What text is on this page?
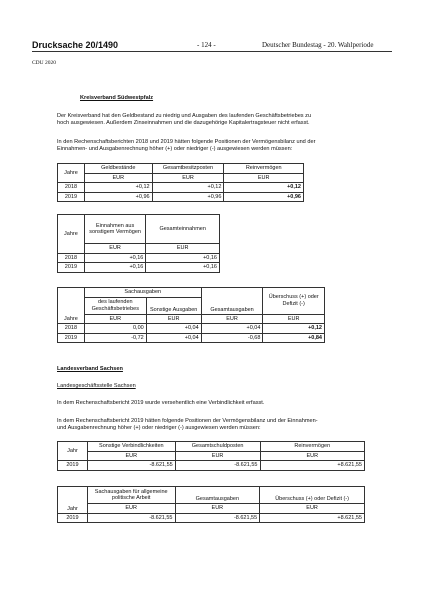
Drucksache 20/1490	- 124 -	Deutscher Bundestag - 20. Wahlperiode
CDU 2020
Kreisverband Südwestpfalz
Der Kreisverband hat den Geldbestand zu niedrig und Ausgaben des laufenden Geschäftsbetriebes zu
hoch ausgewiesen. Außerdem Zinseinnahmen und die dazugehörige Kapitalertragsteuer nicht erfasst.
In den Rechenschaftsberichten 2018 und 2019 hätten folgende Positionen der Vermögensbilanz und der
Einnahmen- und Ausgabenrechnung höher (+) oder niedriger (-) ausgewiesen werden müssen:
Jahre	Geldbestände	Gesamtbesitzposten	Reinvermögen
	EUR	EUR	EUR
2018	+0,12	+0,12	+0,12
2019	+0,96	+0,96	+0,96
Jahre	Einnahmen aus sonstigem Vermögen	Gesamteinnahmen
	EUR	EUR
2018	+0,16	+0,16
2019	+0,16	+0,16
Jahre	Sachausgaben		Gesamtausgaben	Überschuss (+) oder Defizit (-)
	des laufenden Geschäftsbetriebes	Sonstige Ausgaben		
	EUR	EUR	EUR	EUR
2018	0,00	+0,04	+0,04	+0,12
2019	-0,72	+0,04	-0,68	+0,84
Landesverband Sachsen
Landesgeschäftsstelle Sachsen
In dem Rechenschaftsbericht 2019 wurde versehentlich eine Verbindlichkeit erfasst.
In dem Rechenschaftsbericht 2019 hätten folgende Positionen der Vermögensbilanz und der Einnahmen-
und Ausgabenrechnung höher (+) oder niedriger (-) ausgewiesen werden müssen:
Jahr	Sonstige Verbindlichkeiten	Gesamtschuldposten	Reinvermögen
	EUR	EUR	EUR
2019	-8.621,55	-8.621,55	+8.621,55
Jahr	Sachausgaben für allgemeine politische Arbeit	Gesamtausgaben	Überschuss (+) oder Defizit (-)
	EUR	EUR	EUR
2019	-8.621,55	-8.621,55	+8.621,55
